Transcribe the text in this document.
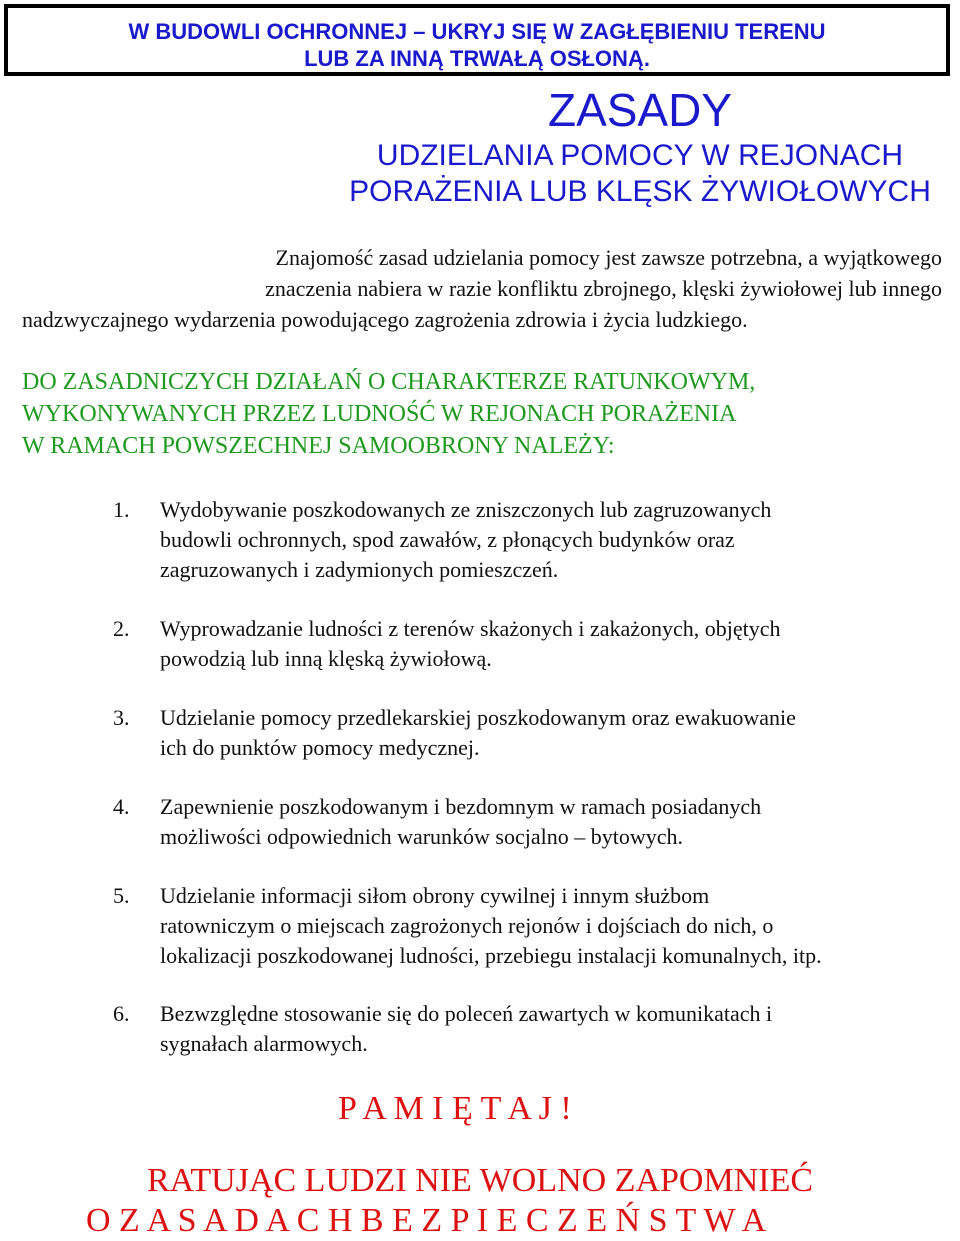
W BUDOWLI OCHRONNEJ – UKRYJ SIĘ W ZAGŁĘBIENIU TERENU
LUB ZA INNĄ TRWAŁĄ OSŁONĄ.
ZASADY
UDZIELANIA POMOCY W REJONACH
PORAŻENIA LUB KLĘSK ŻYWIOŁOWYCH
Znajomość zasad udzielania pomocy jest zawsze potrzebna, a wyjątkowego
znaczenia nabiera w razie konfliktu zbrojnego, klęski żywiołowej lub innego
nadzwyczajnego wydarzenia powodującego zagrożenia zdrowia i życia ludzkiego.
DO ZASADNICZYCH DZIAŁAŃ O CHARAKTERZE RATUNKOWYM,
WYKONYWANYCH PRZEZ LUDNOŚĆ W REJONACH PORAŻENIA
W RAMACH POWSZECHNEJ SAMOOBRONY NALEŻY:
1. Wydobywanie poszkodowanych ze zniszczonych lub zagruzowanych
budowli ochronnych, spod zawałów, z płonących budynków oraz
zagruzowanych i zadymionych pomieszczeń.
2. Wyprowadzanie ludności z terenów skażonych i zakażonych, objętych
powodzią lub inną klęską żywiołową.
3. Udzielanie pomocy przedlekarskiej poszkodowanym oraz ewakuowanie
ich do punktów pomocy medycznej.
4. Zapewnienie poszkodowanym i bezdomnym w ramach posiadanych
możliwości odpowiednich warunków socjalno – bytowych.
5. Udzielanie informacji siłom obrony cywilnej i innym służbom
ratowniczym o miejscach zagrożonych rejonów i dojściach do nich, o
lokalizacji poszkodowanej ludności, przebiegu instalacji komunalnych, itp.
6. Bezwzględne stosowanie się do poleceń zawartych w komunikatach i
sygnałach alarmowych.
P A M I Ę T A J !
RATUJĄC LUDZI NIE WOLNO ZAPOMNIEĆ
O Z A S A D A C H B E Z P I E C Z E Ń S T W A
